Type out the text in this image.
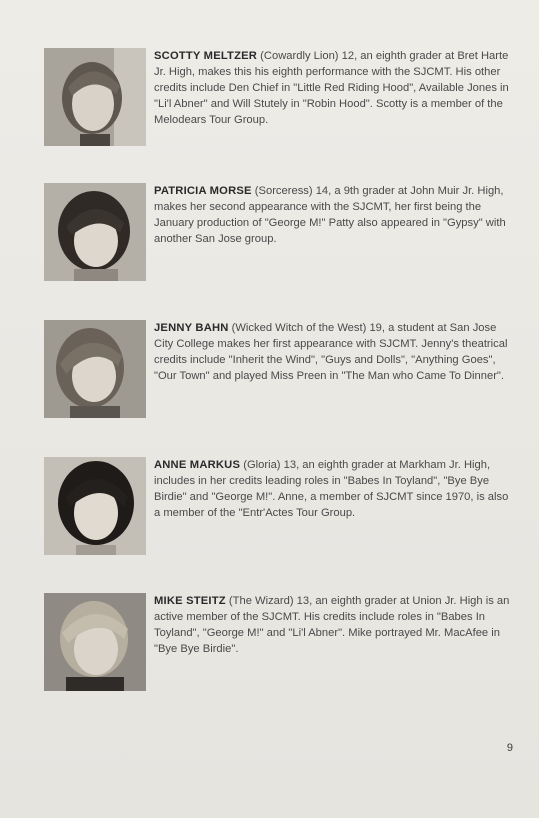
SCOTTY MELTZER (Cowardly Lion) 12, an eighth grader at Bret Harte Jr. High, makes this his eighth performance with the SJCMT. His other credits include Den Chief in "Little Red Riding Hood", Available Jones in "Li'l Abner" and Will Stutely in "Robin Hood". Scotty is a member of the Melodears Tour Group.
PATRICIA MORSE (Sorceress) 14, a 9th grader at John Muir Jr. High, makes her second appearance with the SJCMT, her first being the January production of "George M!" Patty also appeared in "Gypsy" with another San Jose group.
JENNY BAHN (Wicked Witch of the West) 19, a student at San Jose City College makes her first appearance with SJCMT. Jenny's theatrical credits include "Inherit the Wind", "Guys and Dolls", "Anything Goes", "Our Town" and played Miss Preen in "The Man who Came To Dinner".
ANNE MARKUS (Gloria) 13, an eighth grader at Markham Jr. High, includes in her credits leading roles in "Babes In Toyland", "Bye Bye Birdie" and "George M!". Anne, a member of SJCMT since 1970, is also a member of the "Entr'Actes Tour Group.
MIKE STEITZ (The Wizard) 13, an eighth grader at Union Jr. High is an active member of the SJCMT. His credits include roles in "Babes In Toyland", "George M!" and "Li'l Abner". Mike portrayed Mr. MacAfee in "Bye Bye Birdie".
9
